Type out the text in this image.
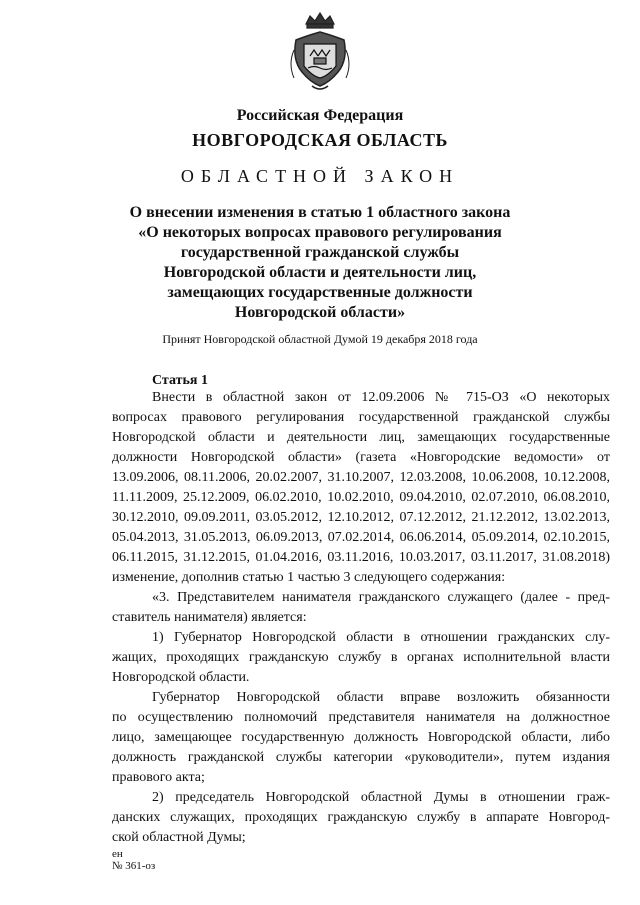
Российская Федерация
НОВГОРОДСКАЯ ОБЛАСТЬ
ОБЛАСТНОЙ ЗАКОН
О внесении изменения в статью 1 областного закона
«О некоторых вопросах правового регулирования
государственной гражданской службы
Новгородской области и деятельности лиц,
замещающих государственные должности
Новгородской области»
Принят Новгородской областной Думой 19 декабря 2018 года
Статья 1
Внести в областной закон от 12.09.2006 № 715-ОЗ «О некоторых
вопросах правового регулирования государственной гражданской службы
Новгородской области и деятельности лиц, замещающих государственные
должности Новгородской области» (газета «Новгородские ведомости» от
13.09.2006, 08.11.2006, 20.02.2007, 31.10.2007, 12.03.2008, 10.06.2008, 10.12.2008,
11.11.2009, 25.12.2009, 06.02.2010, 10.02.2010, 09.04.2010, 02.07.2010, 06.08.2010,
30.12.2010, 09.09.2011, 03.05.2012, 12.10.2012, 07.12.2012, 21.12.2012, 13.02.2013,
05.04.2013, 31.05.2013, 06.09.2013, 07.02.2014, 06.06.2014, 05.09.2014, 02.10.2015,
06.11.2015, 31.12.2015, 01.04.2016, 03.11.2016, 10.03.2017, 03.11.2017, 31.08.2018)
изменение, дополнив статью 1 частью 3 следующего содержания:
«3. Представителем нанимателя гражданского служащего (далее - пред-
ставитель нанимателя) является:
1) Губернатор Новгородской области в отношении гражданских слу-
жащих, проходящих гражданскую службу в органах исполнительной власти
Новгородской области.
Губернатор Новгородской области вправе возложить обязанности
по осуществлению полномочий представителя нанимателя на должностное
лицо, замещающее государственную должность Новгородской области, либо
должность гражданской службы категории «руководители», путем издания
правового акта;
2) председатель Новгородской областной Думы в отношении граж-
данских служащих, проходящих гражданскую службу в аппарате Новгород-
ской областной Думы;
ен
№ 361-оз
